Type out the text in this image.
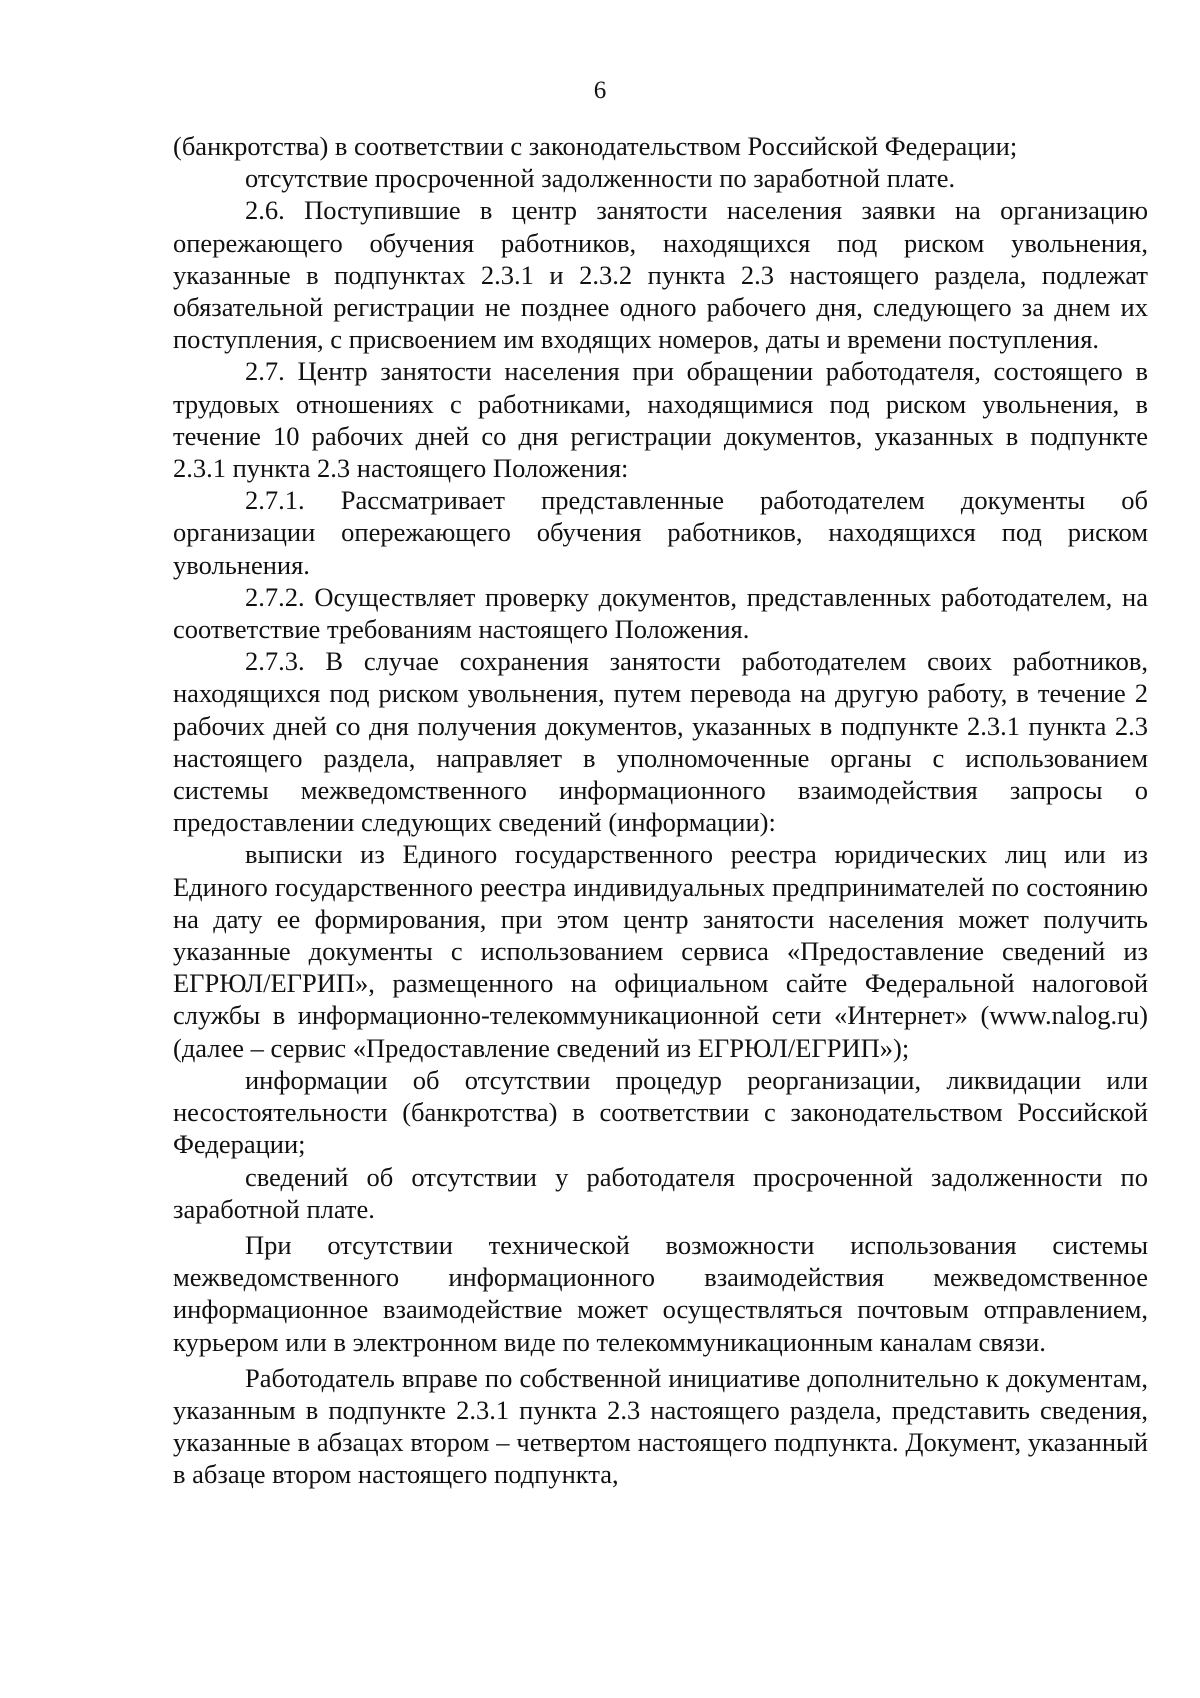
6

(банкротства) в соответствии с законодательством Российской Федерации;

отсутствие просроченной задолженности по заработной плате.

2.6. Поступившие в центр занятости населения заявки на организацию опережающего обучения работников, находящихся под риском увольнения, указанные в подпунктах 2.3.1 и 2.3.2 пункта 2.3 настоящего раздела, подлежат обязательной регистрации не позднее одного рабочего дня, следующего за днем их поступления, с присвоением им входящих номеров, даты и времени поступления.

2.7. Центр занятости населения при обращении работодателя, состоящего в трудовых отношениях с работниками, находящимися под риском увольнения, в течение 10 рабочих дней со дня регистрации документов, указанных в подпункте 2.3.1 пункта 2.3 настоящего Положения:

2.7.1. Рассматривает представленные работодателем документы об организации опережающего обучения работников, находящихся под риском увольнения.

2.7.2. Осуществляет проверку документов, представленных работодателем, на соответствие требованиям настоящего Положения.

2.7.3. В случае сохранения занятости работодателем своих работников, находящихся под риском увольнения, путем перевода на другую работу, в течение 2 рабочих дней со дня получения документов, указанных в подпункте 2.3.1 пункта 2.3 настоящего раздела, направляет в уполномоченные органы с использованием системы межведомственного информационного взаимодействия запросы о предоставлении следующих сведений (информации):

выписки из Единого государственного реестра юридических лиц или из Единого государственного реестра индивидуальных предпринимателей по состоянию на дату ее формирования, при этом центр занятости населения может получить указанные документы с использованием сервиса «Предоставление сведений из ЕГРЮЛ/ЕГРИП», размещенного на официальном сайте Федеральной налоговой службы в информационно-телекоммуникационной сети «Интернет» (www.nalog.ru) (далее – сервис «Предоставление сведений из ЕГРЮЛ/ЕГРИП»);

информации об отсутствии процедур реорганизации, ликвидации или несостоятельности (банкротства) в соответствии с законодательством Российской Федерации;

сведений об отсутствии у работодателя просроченной задолженности по заработной плате.

При отсутствии технической возможности использования системы межведомственного информационного взаимодействия межведомственное информационное взаимодействие может осуществляться почтовым отправлением, курьером или в электронном виде по телекоммуникационным каналам связи.

Работодатель вправе по собственной инициативе дополнительно к документам, указанным в подпункте 2.3.1 пункта 2.3 настоящего раздела, представить сведения, указанные в абзацах втором – четвертом настоящего подпункта. Документ, указанный в абзаце втором настоящего подпункта,
